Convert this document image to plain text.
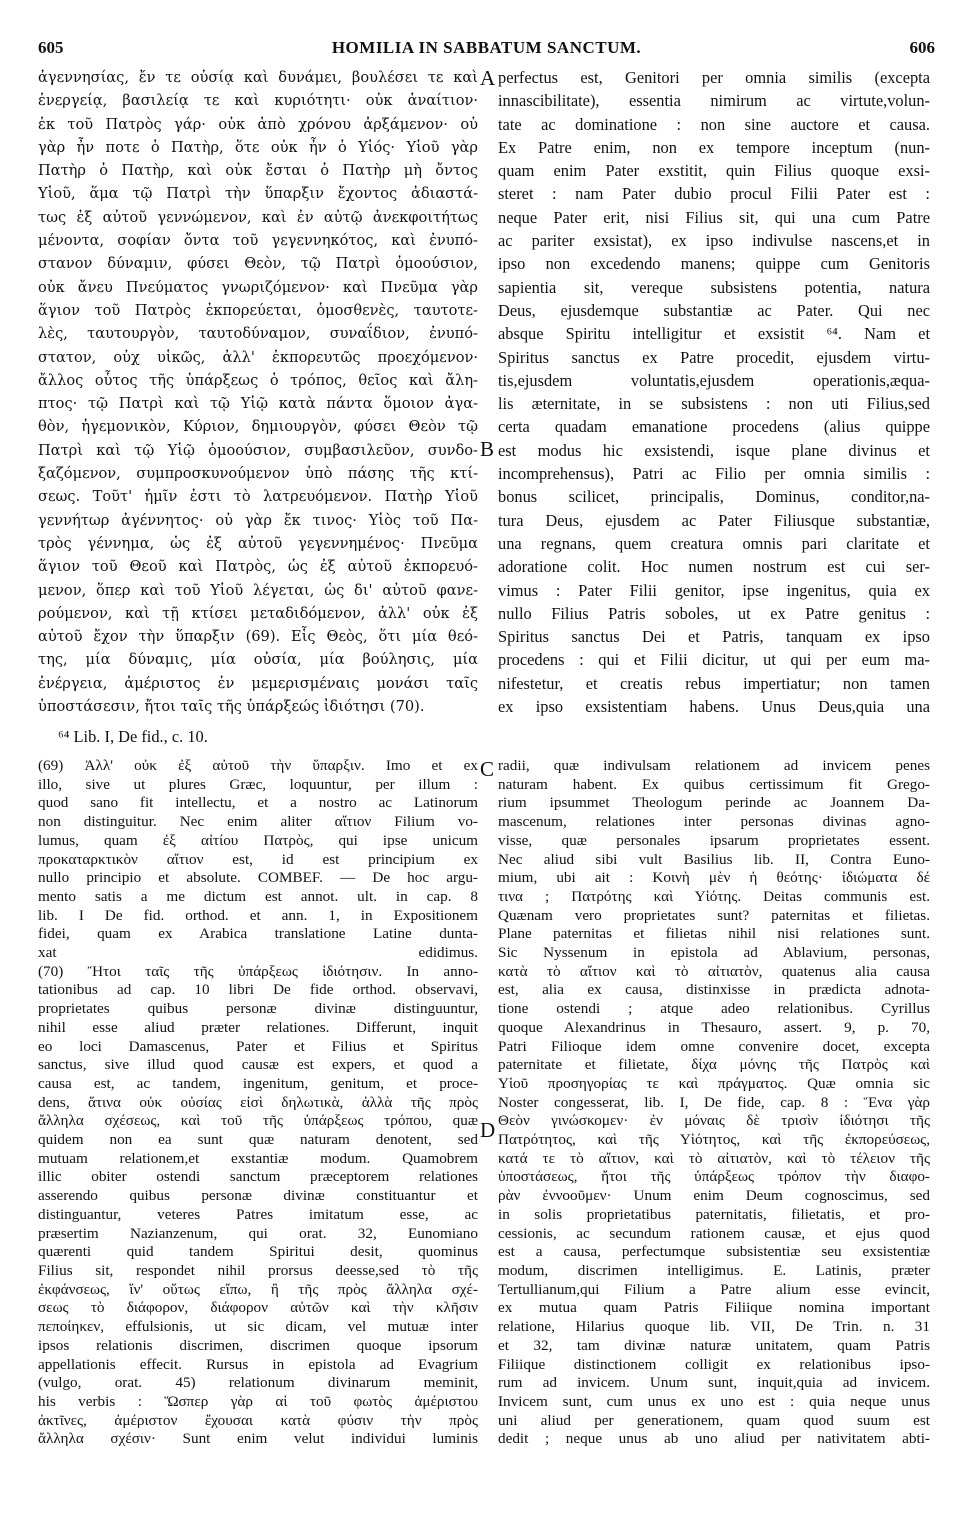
605	HOMILIA IN SABBATUM SANCTUM.	606
ἀγεννησίας, ἔν τε οὐσίᾳ καὶ δυνάμει, βουλέσει τε καὶ
ἐνεργείᾳ, βασιλείᾳ τε καὶ κυριότητι· οὐκ ἀναίτιον·
ἐκ τοῦ Πατρὸς γάρ· οὐκ ἀπὸ χρόνου ἀρξάμενον· οὐ
γὰρ ἦν ποτε ὁ Πατὴρ, ὅτε οὐκ ἦν ὁ Υἱός· Υἱοῦ γὰρ
Πατὴρ ὁ Πατὴρ, καὶ οὐκ ἔσται ὁ Πατὴρ μὴ ὄντος
Υἱοῦ, ἅμα τῷ Πατρὶ τὴν ὕπαρξιν ἔχοντος ἀδιαστά-
τως ἐξ αὐτοῦ γεννώμενον, καὶ ἐν αὐτῷ ἀνεκφοιτήτως
μένοντα, σοφίαν ὄντα τοῦ γεγεννηκότος, καὶ ἐνυπό-
στανον δύναμιν, φύσει Θεὸν, τῷ Πατρὶ ὁμοούσιον,
οὐκ ἄνευ Πνεύματος γνωριζόμενον· καὶ Πνεῦμα γὰρ
ἅγιον τοῦ Πατρὸς ἐκπορεύεται, ὁμοσθενὲς, ταυτοτε-
λὲς, ταυτουργὸν, ταυτοδύναμον, συναΐδιον, ἐνυπό-
στατον, οὐχ υἱκῶς, ἀλλ' ἐκπορευτῶς προεχόμενον·
ἄλλος οὗτος τῆς ὑπάρξεως ὁ τρόπος, θεῖος καὶ ἄλη-
πτος· τῷ Πατρὶ καὶ τῷ Υἱῷ κατὰ πάντα ὅμοιον ἀγα-
θὸν, ἡγεμονικὸν, Κύριον, δημιουργὸν, φύσει Θεὸν τῷ
Πατρὶ καὶ τῷ Υἱῷ ὁμοούσιον, συμβασιλεῦον, συνδο-
ξαζόμενον, συμπροσκυνούμενον ὑπὸ πάσης τῆς κτί-
σεως. Τοῦτ' ἡμῖν ἐστι τὸ λατρευόμενον. Πατὴρ Υἱοῦ
γεννήτωρ ἀγέννητος· οὐ γὰρ ἔκ τινος· Υἱὸς τοῦ Πα-
τρὸς γέννημα, ὡς ἐξ αὐτοῦ γεγεννημένος· Πνεῦμα
ἅγιον τοῦ Θεοῦ καὶ Πατρὸς, ὡς ἐξ αὐτοῦ ἐκπορευό-
μενον, ὅπερ καὶ τοῦ Υἱοῦ λέγεται, ὡς δι' αὐτοῦ φανε-
ρούμενον, καὶ τῇ κτίσει μεταδιδόμενον, ἀλλ' οὐκ ἐξ
αὐτοῦ ἔχον τὴν ὕπαρξιν (69). Εἷς Θεὸς, ὅτι μία θεό-
της, μία δύναμις, μία οὐσία, μία βούλησις, μία
ἐνέργεια, ἀμέριστος ἐν μεμερισμέναις μονάσι ταῖς
ὑποστάσεσιν, ἤτοι ταῖς τῆς ὑπάρξεώς ἰδιότησι (70).
perfectus est, Genitori per omnia similis (excepta
innascibilitate), essentia nimirum ac virtute,volun-
tate ac dominatione : non sine auctore et causa.
Ex Patre enim, non ex tempore inceptum (nun-
quam enim Pater exstitit, quin Filius quoque exsi-
steret : nam Pater dubio procul Filii Pater est :
neque Pater erit, nisi Filius sit, qui una cum Patre
ac pariter exsistat), ex ipso indivulse nascens,et in
ipso non excedendo manens; quippe cum Genitoris
sapientia sit, vereque subsistens potentia, natura
Deus, ejusdemque substantiæ ac Pater. Qui nec
absque Spiritu intelligitur et exsistit ⁶⁴. Nam et
Spiritus sanctus ex Patre procedit, ejusdem virtu-
tis,ejusdem voluntatis,ejusdem operationis,æqua-
lis æternitate, in se subsistens : non uti Filius,sed
certa quadam emanatione procedens (alius quippe
est modus hic exsistendi, isque plane divinus et
incomprehensus), Patri ac Filio per omnia similis :
bonus scilicet, principalis, Dominus, conditor,na-
tura Deus, ejusdem ac Pater Filiusque substantiæ,
una regnans, quem creatura omnis pari claritate et
adoratione colit. Hoc numen nostrum est cui ser-
vimus : Pater Filii genitor, ipse ingenitus, quia ex
nullo Filius Patris soboles, ut ex Patre genitus :
Spiritus sanctus Dei et Patris, tanquam ex ipso
procedens : qui et Filii dicitur, ut qui per eum ma-
nifestetur, et creatis rebus impertiatur; non tamen
ex ipso exsistentiam habens. Unus Deus,quia una
⁶⁴ Lib. I, De fid., c. 10.
(69) Ἀλλ' οὐκ ἐξ αὐτοῦ τὴν ὕπαρξιν. Imo et ex
illo, sive ut plures Græc, loquuntur, per illum :
quod sano fit intellectu, et a nostro ac Latinorum
non distinguitur. Nec enim aliter αἴτιον Filium vo-
lumus, quam ἐξ αἰτίου Πατρὸς, qui ipse unicum
προκαταρκτικὸν αἴτιον est, id est principium ex
nullo principio et absolute. COMBEF. — De hoc argu-
mento satis a me dictum est annot. ult. in cap. 8
lib. I De fid. orthod. et ann. 1, in Expositionem
fidei, quam ex Arabica translatione Latine dunta-
xat edidimus.
(70) Ἤτοι ταῖς τῆς ὑπάρξεως ἰδιότησιν. In anno-
tationibus ad cap. 10 libri De fide orthod. observavi,
proprietates quibus personæ divinæ distinguuntur,
nihil esse aliud præter relationes. Differunt, inquit
eo loci Damascenus, Pater et Filius et Spiritus
sanctus, sive illud quod causæ est expers, et quod a
causa est, ac tandem, ingenitum, genitum, et proce-
dens, ἅτινα οὐκ οὐσίας εἰσὶ δηλωτικὰ, ἀλλὰ τῆς πρὸς
ἄλληλα σχέσεως, καὶ τοῦ τῆς ὑπάρξεως τρόπου, quæ
quidem non ea sunt quæ naturam denotent, sed
mutuam relationem,et exstantiæ modum. Quamobrem
illic obiter ostendi sanctum præceptorem relationes
asserendo quibus personæ divinæ constituantur et
distinguantur, veteres Patres imitatum esse, ac
præsertim Nazianzenum, qui orat. 32, Eunomiano
quærenti quid tandem Spiritui desit, quominus
Filius sit, respondet nihil prorsus deesse,sed τὸ τῆς
ἐκφάνσεως, ἵν' οὕτως εἴπω, ἢ τῆς πρὸς ἄλληλα σχέ-
σεως τὸ διάφορον, διάφορον αὐτῶν καὶ τὴν κλῆσιν
πεποίηκεν, effulsionis, ut sic dicam, vel mutuæ inter
ipsos relationis discrimen, discrimen quoque ipsorum
appellationis effecit. Rursus in epistola ad Evagrium
(vulgo, orat. 45) relationum divinarum meminit,
his verbis : Ὥσπερ γὰρ αἱ τοῦ φωτὸς ἀμέριστου
ἀκτῖνες, ἀμέριστον ἔχουσαι κατὰ φύσιν τὴν πρὸς
ἄλληλα σχέσιν· Sunt enim velut individui luminis
radii, quæ indivulsam relationem ad invicem penes
naturam habent. Ex quibus certissimum fit Grego-
rium ipsummet Theologum perinde ac Joannem Da-
mascenum, relationes inter personas divinas agno-
visse, quæ personales ipsarum proprietates essent.
Nec aliud sibi vult Basilius lib. II, Contra Euno-
mium, ubi ait : Κοινὴ μὲν ἡ θεότης· ἰδιώματα δέ
τινα ; Πατρότης καὶ Υἱότης. Deitas communis est.
Quænam vero proprietates sunt? paternitas et filietas.
Plane paternitas et filietas nihil nisi relationes sunt.
Sic Nyssenum in epistola ad Ablavium, personas,
κατὰ τὸ αἴτιον καὶ τὸ αἰτιατὸν, quatenus alia causa
est, alia ex causa, distinxisse in prædicta adnota-
tione ostendi ; atque adeo relationibus. Cyrillus
quoque Alexandrinus in Thesauro, assert. 9, p. 70,
Patri Filioque idem omne convenire docet, excepta
paternitate et filietate, δίχα μόνης τῆς Πατρὸς καὶ
Υἱοῦ προσηγορίας τε καὶ πράγματος. Quæ omnia sic
Noster congesserat, lib. I, De fide, cap. 8 : Ἕνα γὰρ
Θεὸν γινώσκομεν· ἐν μόναις δὲ τρισὶν ἰδιότησι τῆς
Πατρότητος, καὶ τῆς Υἱότητος, καὶ τῆς ἐκπορεύσεως,
κατά τε τὸ αἴτιον, καὶ τὸ αἰτιατὸν, καὶ τὸ τέλειον τῆς
ὑποστάσεως, ἤτοι τῆς ὑπάρξεως τρόπον τὴν διαφο-
ρὰν ἐννοοῦμεν· Unum enim Deum cognoscimus, sed
in solis proprietatibus paternitatis, filietatis, et pro-
cessionis, ac secundum rationem causæ, et ejus quod
est a causa, perfectumque subsistentiæ seu exsistentiæ
modum, discrimen intelligimus. E. Latinis, præter
Tertullianum,qui Filium a Patre alium esse evincit,
ex mutua quam Patris Filiique nomina important
relatione, Hilarius quoque lib. VII, De Trin. n. 31
et 32, tam divinæ naturæ unitatem, quam Patris
Filiique distinctionem colligit ex relationibus ipso-
rum ad invicem. Unum sunt, inquit,quia ad invicem.
Invicem sunt, cum unus ex uno est : quia neque unus
uni aliud per generationem, quam quod suum est
dedit ; neque unus ab uno aliud per nativitatem abti-
A
B
C
D
